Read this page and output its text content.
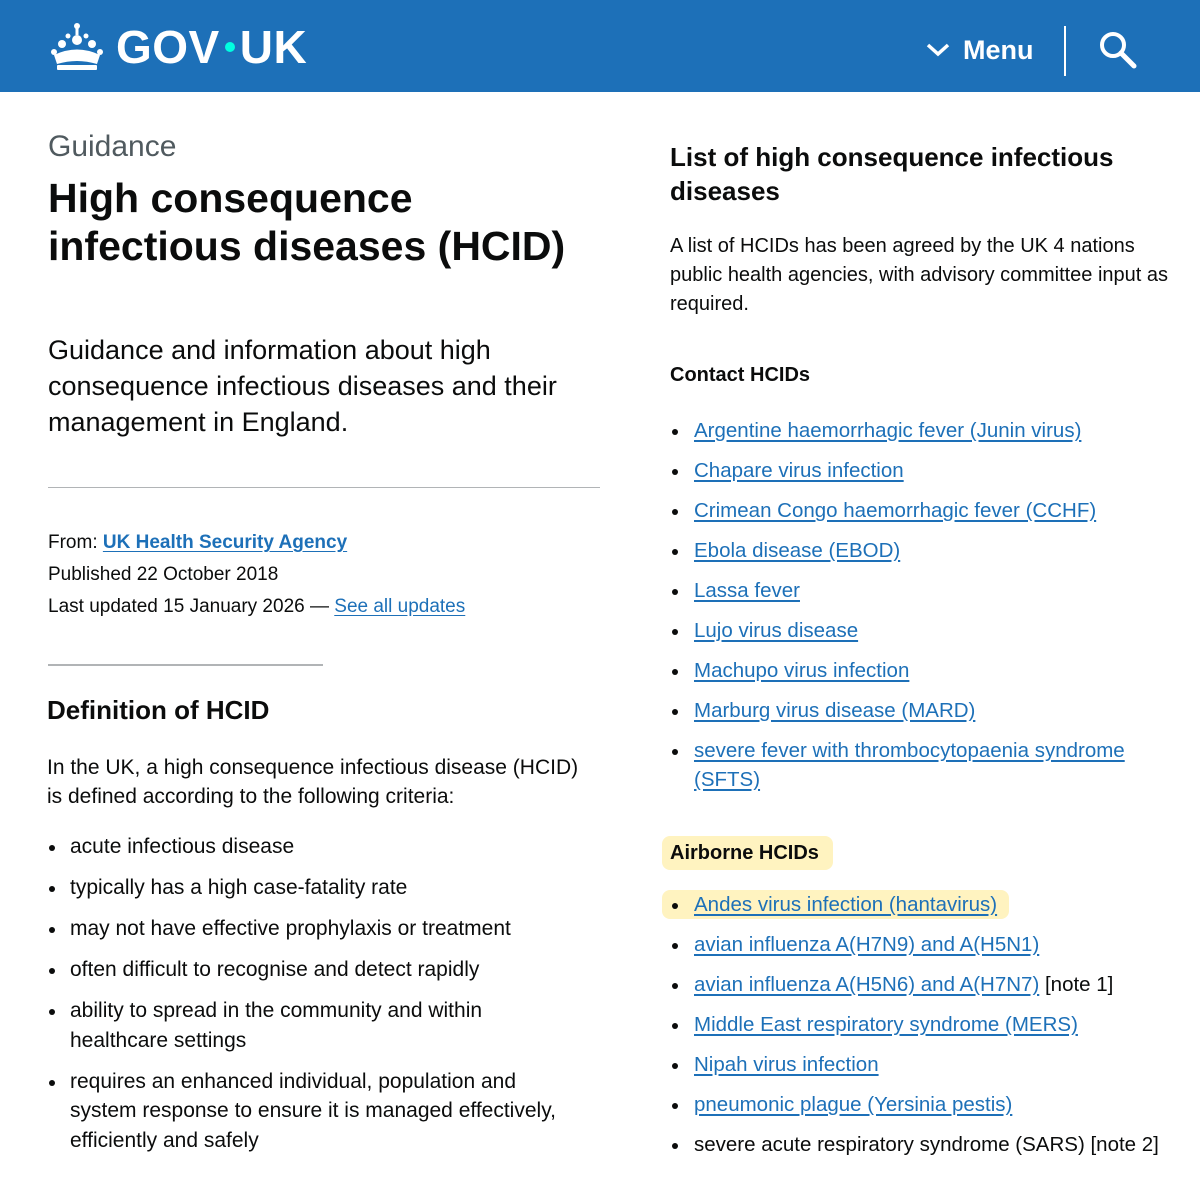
GOV UK	Menu

Guidance

High consequence
infectious diseases (HCID)

Guidance and information about high consequence infectious diseases and their management in England.

From: UK Health Security Agency
Published 22 October 2018
Last updated 15 January 2026 — See all updates
Definition of HCID

In the UK, a high consequence infectious disease (HCID) is defined according to the following criteria:

acute infectious disease
typically has a high case-fatality rate
may not have effective prophylaxis or treatment
often difficult to recognise and detect rapidly
ability to spread in the community and within healthcare settings
requires an enhanced individual, population and system response to ensure it is managed effectively, efficiently and safely
List of high consequence infectious diseases

A list of HCIDs has been agreed by the UK 4 nations public health agencies, with advisory committee input as required.

Contact HCIDs
Argentine haemorrhagic fever (Junin virus)
Chapare virus infection
Crimean Congo haemorrhagic fever (CCHF)
Ebola disease (EBOD)
Lassa fever
Lujo virus disease
Machupo virus infection
Marburg virus disease (MARD)
severe fever with thrombocytopaenia syndrome (SFTS)
Airborne HCIDs
Andes virus infection (hantavirus)
avian influenza A(H7N9) and A(H5N1)
avian influenza A(H5N6) and A(H7N7) [note 1]
Middle East respiratory syndrome (MERS)
Nipah virus infection
pneumonic plague (Yersinia pestis)
severe acute respiratory syndrome (SARS) [note 2]
